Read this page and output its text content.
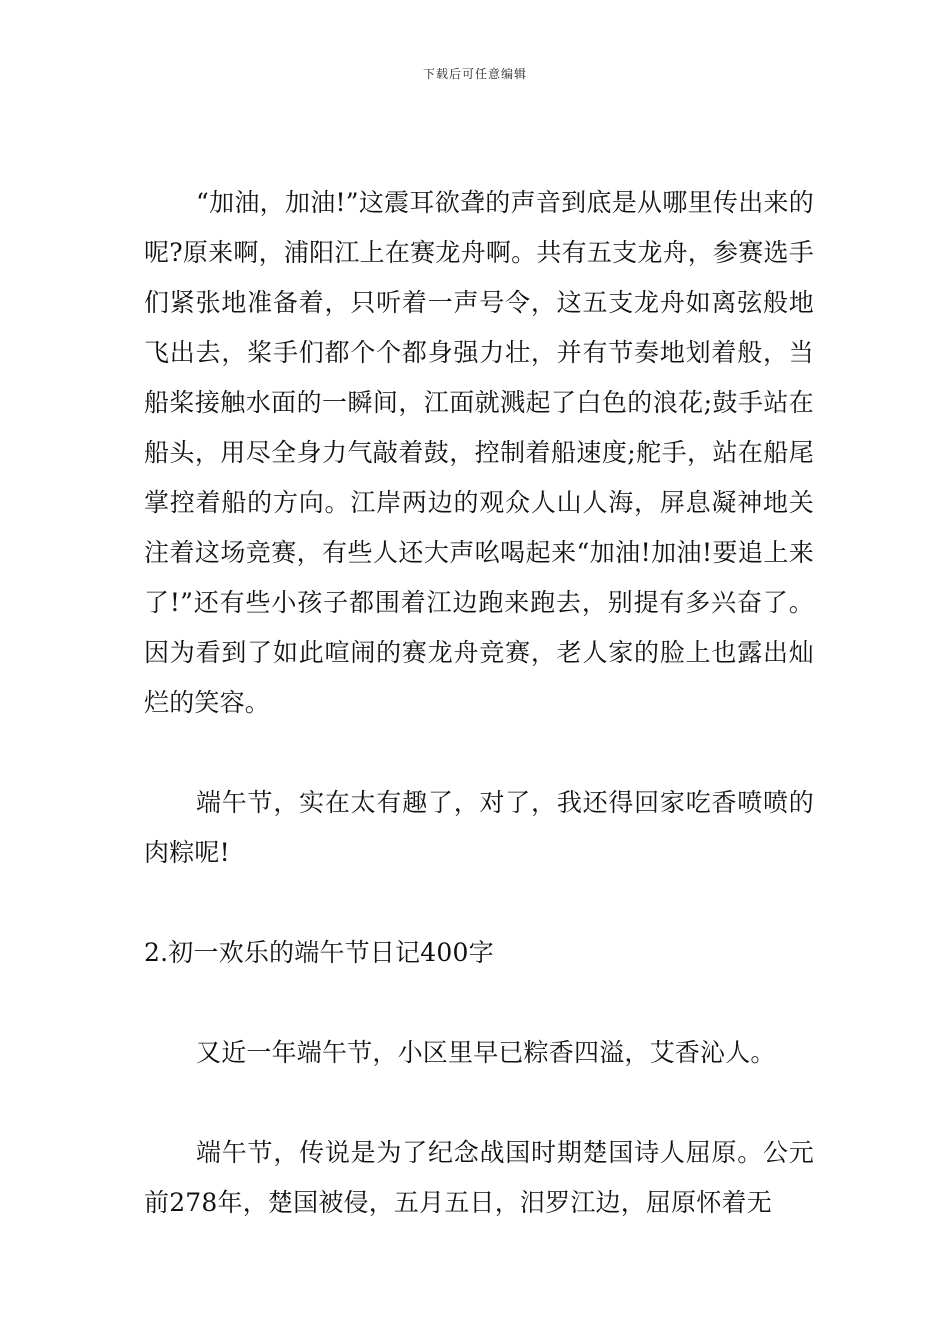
下载后可任意编辑

“加油，加油!”这震耳欲聋的声音到底是从哪里传出来的呢?原来啊，浦阳江上在赛龙舟啊。共有五支龙舟，参赛选手们紧张地准备着，只听着一声号令，这五支龙舟如离弦般地飞出去，桨手们都个个都身强力壮，并有节奏地划着般，当船桨接触水面的一瞬间，江面就溅起了白色的浪花;鼓手站在船头，用尽全身力气敲着鼓，控制着船速度;舵手，站在船尾掌控着船的方向。江岸两边的观众人山人海，屏息凝神地关注着这场竞赛，有些人还大声吆喝起来“加油!加油!要追上来了!”还有些小孩子都围着江边跑来跑去，别提有多兴奋了。因为看到了如此喧闹的赛龙舟竞赛，老人家的脸上也露出灿烂的笑容。

端午节，实在太有趣了，对了，我还得回家吃香喷喷的肉粽呢!

2.初一欢乐的端午节日记400字

又近一年端午节，小区里早已粽香四溢，艾香沁人。

端午节，传说是为了纪念战国时期楚国诗人屈原。公元前278年，楚国被侵，五月五日，汨罗江边，屈原怀着无
